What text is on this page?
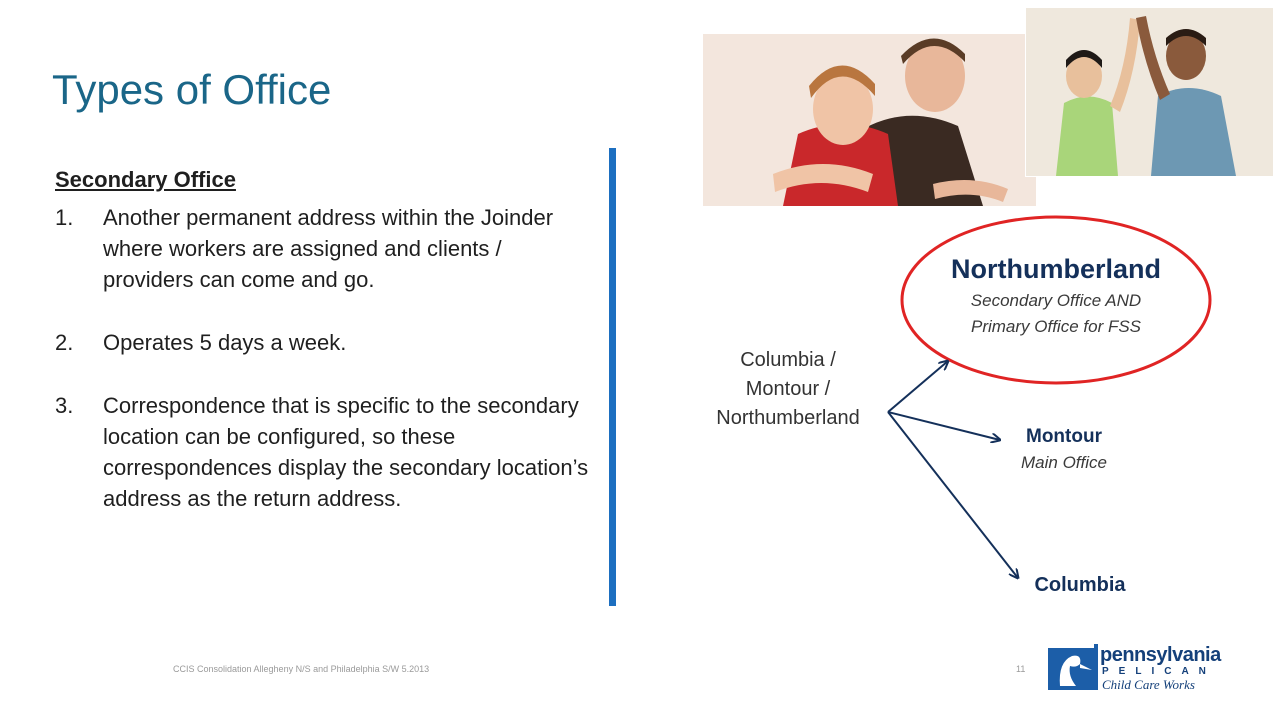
Types of Office
Secondary Office
1. Another permanent address within the Joinder where workers are assigned and clients / providers can come and go.
2. Operates 5 days a week.
3. Correspondence that is specific to the secondary location can be configured, so these correspondences display the secondary location’s address as the return address.
Columbia /
Montour /
Northumberland
Northumberland
Secondary Office AND
Primary Office for FSS
Montour
Main Office
Columbia
CCIS Consolidation Allegheny N/S and Philadelphia S/W 5.2013	11
pennsylvania
PELICAN
Child Care Works
